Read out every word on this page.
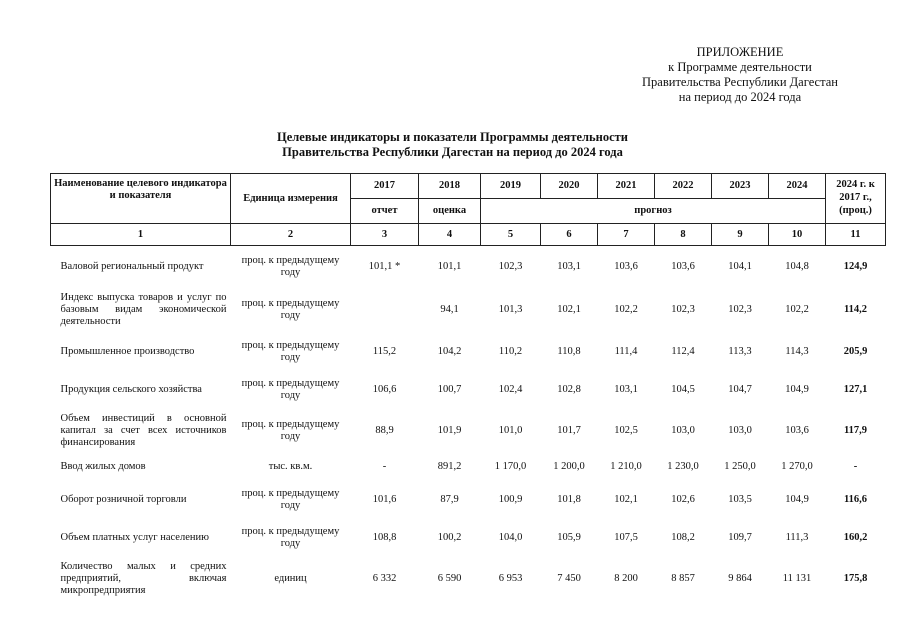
ПРИЛОЖЕНИЕ
к Программе деятельности
Правительства Республики Дагестан
на период до 2024 года
Целевые индикаторы и показатели Программы деятельности
Правительства Республики Дагестан на период до 2024 года
Наименование целевого индикатора и показателя	Единица измерения	2017	2018	2019	2020	2021	2022	2023	2024	2024 г. к 2017 г., (проц.)
		отчет	оценка	прогноз						
1	2	3	4	5	6	7	8	9	10	11
Валовой региональный продукт	проц. к предыдущему году	101,1 *	101,1	102,3	103,1	103,6	103,6	104,1	104,8	124,9
Индекс выпуска товаров и услуг по базовым видам экономической деятельности	проц. к предыдущему году		94,1	101,3	102,1	102,2	102,3	102,3	102,2	114,2
Промышленное производство	проц. к предыдущему году	115,2	104,2	110,2	110,8	111,4	112,4	113,3	114,3	205,9
Продукция сельского хозяйства	проц. к предыдущему году	106,6	100,7	102,4	102,8	103,1	104,5	104,7	104,9	127,1
Объем инвестиций в основной капитал за счет всех источников финансирования	проц. к предыдущему году	88,9	101,9	101,0	101,7	102,5	103,0	103,0	103,6	117,9
Ввод жилых домов	тыс. кв.м.	-	891,2	1 170,0	1 200,0	1 210,0	1 230,0	1 250,0	1 270,0	-
Оборот розничной торговли	проц. к предыдущему году	101,6	87,9	100,9	101,8	102,1	102,6	103,5	104,9	116,6
Объем платных услуг населению	проц. к предыдущему году	108,8	100,2	104,0	105,9	107,5	108,2	109,7	111,3	160,2
Количество малых и средних предприятий, включая микропредприятия	единиц	6 332	6 590	6 953	7 450	8 200	8 857	9 864	11 131	175,8
